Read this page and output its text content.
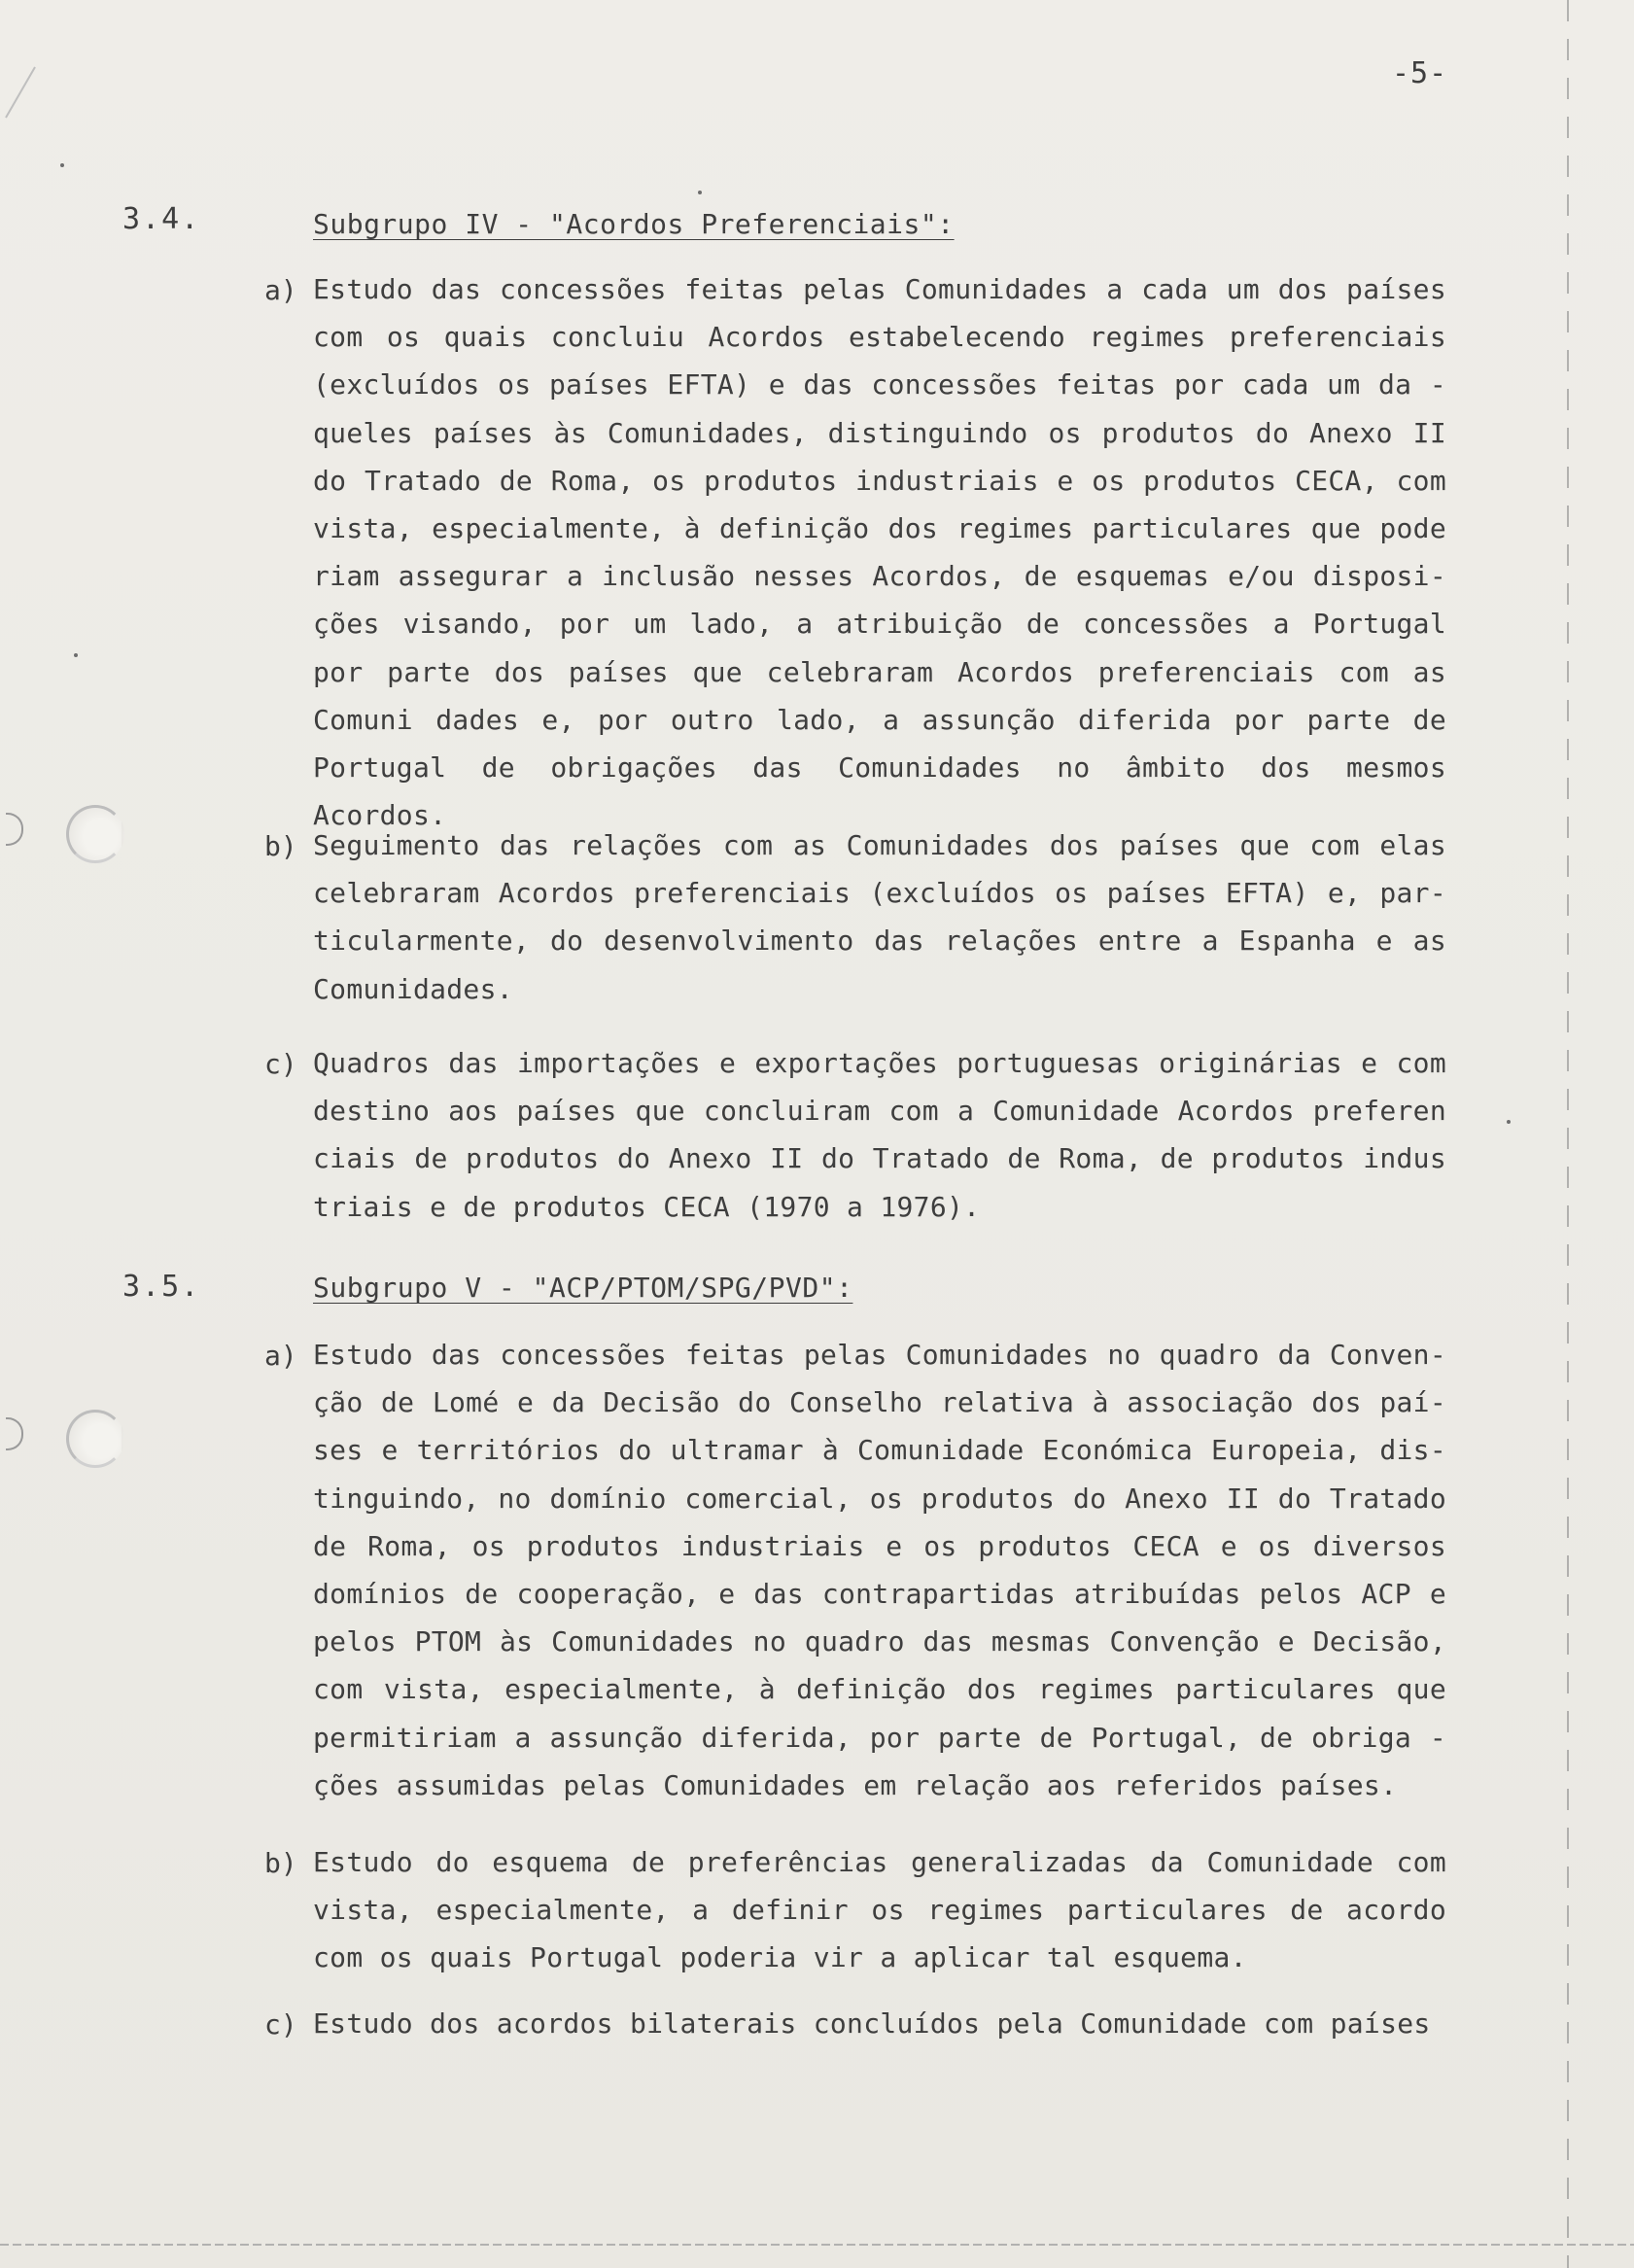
-5-
3.4.	Subgrupo IV - "Acordos Preferenciais":
a) Estudo das concessões feitas pelas Comunidades a cada um dos países com os quais concluiu Acordos estabelecendo regimes preferenciais (excluídos os países EFTA) e das concessões feitas por cada um da - queles países às Comunidades, distinguindo os produtos do Anexo II do Tratado de Roma, os produtos industriais e os produtos CECA, com vista, especialmente, à definição dos regimes particulares que pode riam assegurar a inclusão nesses Acordos, de esquemas e/ou disposi- ções visando, por um lado, a atribuição de concessões a Portugal por parte dos países que celebraram Acordos preferenciais com as Comuni dades e, por outro lado, a assunção diferida por parte de Portugal de obrigações das Comunidades no âmbito dos mesmos Acordos.

b) Seguimento das relações com as Comunidades dos países que com elas celebraram Acordos preferenciais (excluídos os países EFTA) e, par- ticularmente, do desenvolvimento das relações entre a Espanha e as Comunidades.

c) Quadros das importações e exportações portuguesas originárias e com destino aos países que concluiram com a Comunidade Acordos preferen ciais de produtos do Anexo II do Tratado de Roma, de produtos indus triais e de produtos CECA (1970 a 1976).

3.5.	Subgrupo V - "ACP/PTOM/SPG/PVD":
a) Estudo das concessões feitas pelas Comunidades no quadro da Conven- ção de Lomé e da Decisão do Conselho relativa à associação dos paí- ses e territórios do ultramar à Comunidade Económica Europeia, dis- tinguindo, no domínio comercial, os produtos do Anexo II do Tratado de Roma, os produtos industriais e os produtos CECA e os diversos domínios de cooperação, e das contrapartidas atribuídas pelos ACP e pelos PTOM às Comunidades no quadro das mesmas Convenção e Decisão, com vista, especialmente, à definição dos regimes particulares que permitiriam a assunção diferida, por parte de Portugal, de obriga - ções assumidas pelas Comunidades em relação aos referidos países.

b) Estudo do esquema de preferências generalizadas da Comunidade com vista, especialmente, a definir os regimes particulares de acordo com os quais Portugal poderia vir a aplicar tal esquema.

c) Estudo dos acordos bilaterais concluídos pela Comunidade com países
